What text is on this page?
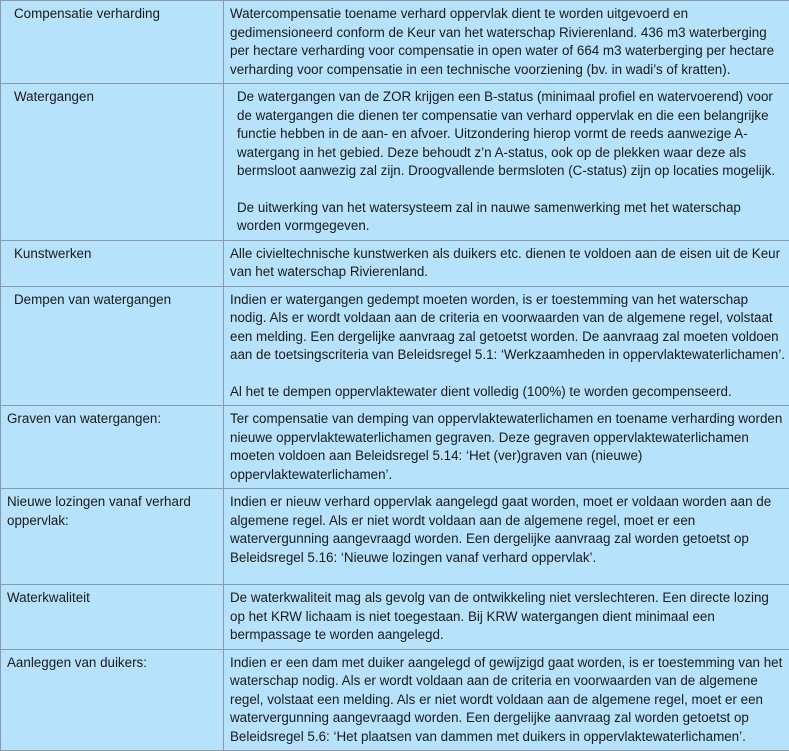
Compensatie verharding	Watercompensatie toename verhard oppervlak dient te worden uitgevoerd en gedimensioneerd conform de Keur van het waterschap Rivierenland. 436 m3 waterberging per hectare verharding voor compensatie in open water of 664 m3 waterberging per hectare verharding voor compensatie in een technische voorziening (bv. in wadi’s of kratten).

Watergangen	De watergangen van de ZOR krijgen een B-status (minimaal profiel en watervoerend) voor de watergangen die dienen ter compensatie van verhard oppervlak en die een belangrijke functie hebben in de aan- en afvoer. Uitzondering hierop vormt de reeds aanwezige A-watergang in het gebied. Deze behoudt z’n A-status, ook op de plekken waar deze als bermsloot aanwezig zal zijn. Droogvallende bermsloten (C-status) zijn op locaties mogelijk.

De uitwerking van het watersysteem zal in nauwe samenwerking met het waterschap worden vormgegeven.

Kunstwerken	Alle civieltechnische kunstwerken als duikers etc. dienen te voldoen aan de eisen uit de Keur van het waterschap Rivierenland.

Dempen van watergangen	Indien er watergangen gedempt moeten worden, is er toestemming van het waterschap nodig. Als er wordt voldaan aan de criteria en voorwaarden van de algemene regel, volstaat een melding. Een dergelijke aanvraag zal getoetst worden. De aanvraag zal moeten voldoen aan de toetsingscriteria van Beleidsregel 5.1: ‘Werkzaamheden in oppervlaktewaterlichamen’.

Al het te dempen oppervlaktewater dient volledig (100%) te worden gecompenseerd.

Graven van watergangen:	Ter compensatie van demping van oppervlaktewaterlichamen en toename verharding worden nieuwe oppervlaktewaterlichamen gegraven. Deze gegraven oppervlaktewaterlichamen moeten voldoen aan Beleidsregel 5.14: ‘Het (ver)graven van (nieuwe) oppervlaktewaterlichamen’.

Nieuwe lozingen vanaf verhard oppervlak:	Indien er nieuw verhard oppervlak aangelegd gaat worden, moet er voldaan worden aan de algemene regel. Als er niet wordt voldaan aan de algemene regel, moet er een watervergunning aangevraagd worden. Een dergelijke aanvraag zal worden getoetst op Beleidsregel 5.16: ‘Nieuwe lozingen vanaf verhard oppervlak’.

Waterkwaliteit	De waterkwaliteit mag als gevolg van de ontwikkeling niet verslechteren. Een directe lozing op het KRW lichaam is niet toegestaan. Bij KRW watergangen dient minimaal een bermpassage te worden aangelegd.

Aanleggen van duikers:	Indien er een dam met duiker aangelegd of gewijzigd gaat worden, is er toestemming van het waterschap nodig. Als er wordt voldaan aan de criteria en voorwaarden van de algemene regel, volstaat een melding. Als er niet wordt voldaan aan de algemene regel, moet er een watervergunning aangevraagd worden. Een dergelijke aanvraag zal worden getoetst op Beleidsregel 5.6: ‘Het plaatsen van dammen met duikers in oppervlaktewaterlichamen’.
